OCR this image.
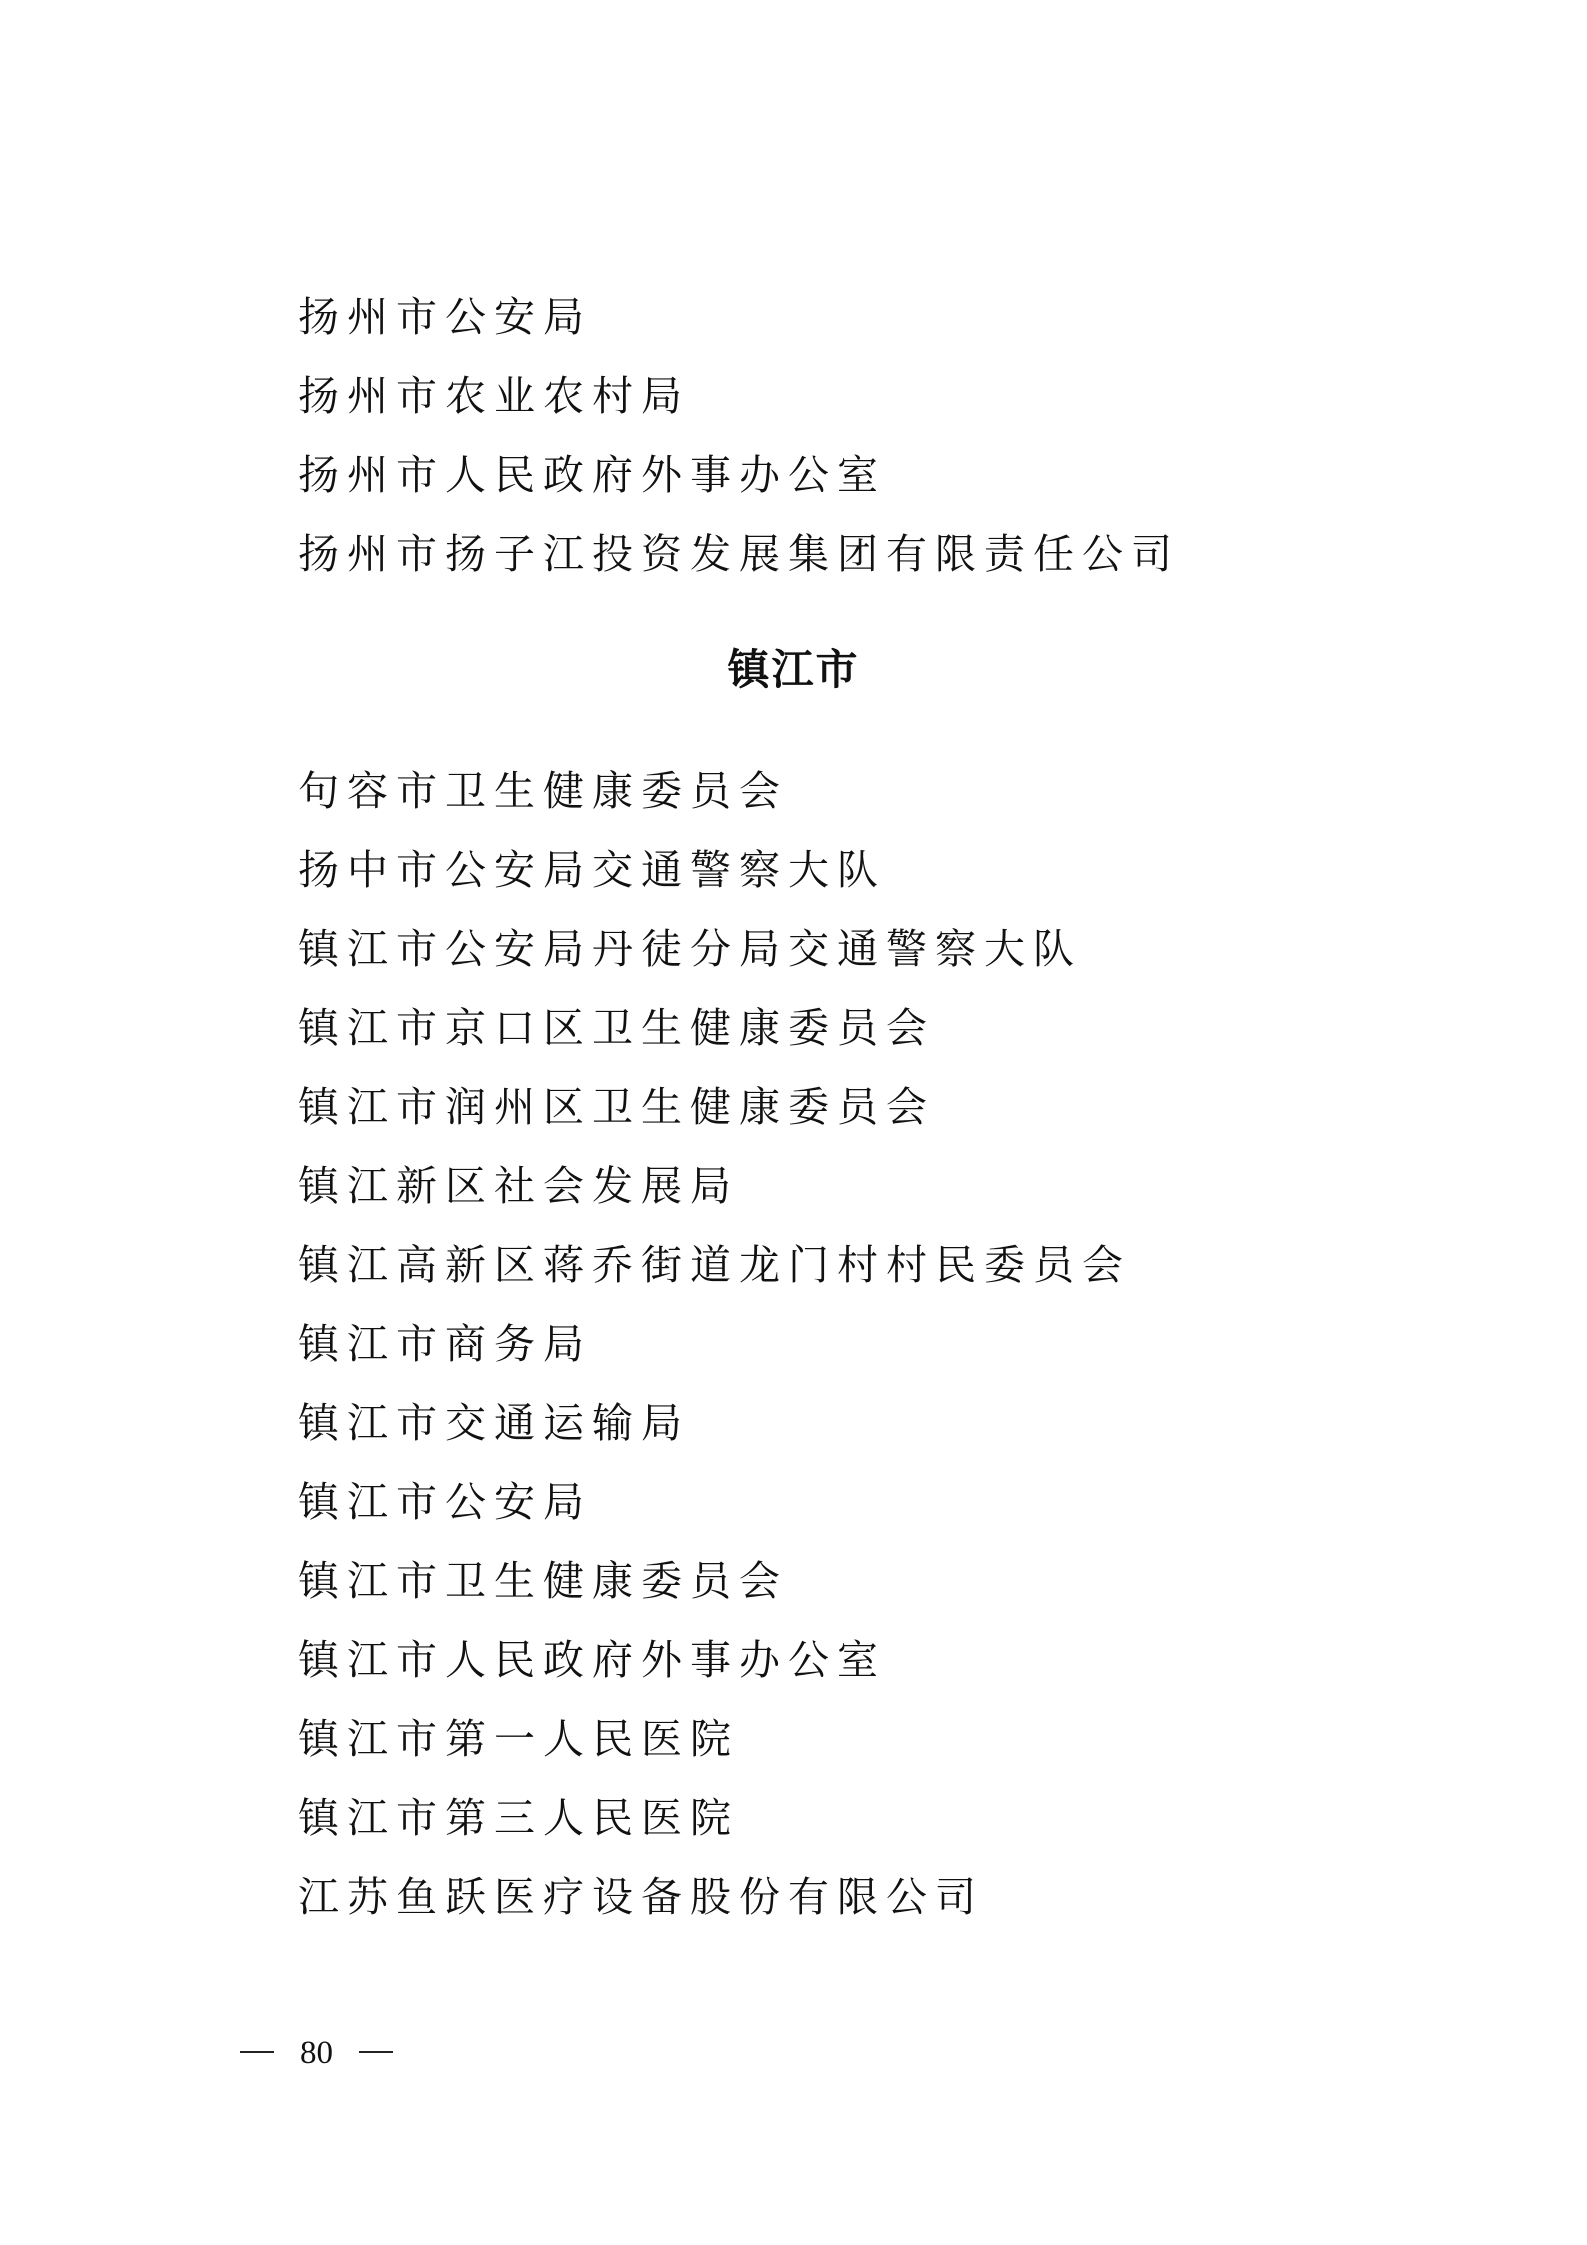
扬州市公安局
扬州市农业农村局
扬州市人民政府外事办公室
扬州市扬子江投资发展集团有限责任公司
镇江市
句容市卫生健康委员会
扬中市公安局交通警察大队
镇江市公安局丹徒分局交通警察大队
镇江市京口区卫生健康委员会
镇江市润州区卫生健康委员会
镇江新区社会发展局
镇江高新区蒋乔街道龙门村村民委员会
镇江市商务局
镇江市交通运输局
镇江市公安局
镇江市卫生健康委员会
镇江市人民政府外事办公室
镇江市第一人民医院
镇江市第三人民医院
江苏鱼跃医疗设备股份有限公司
80
